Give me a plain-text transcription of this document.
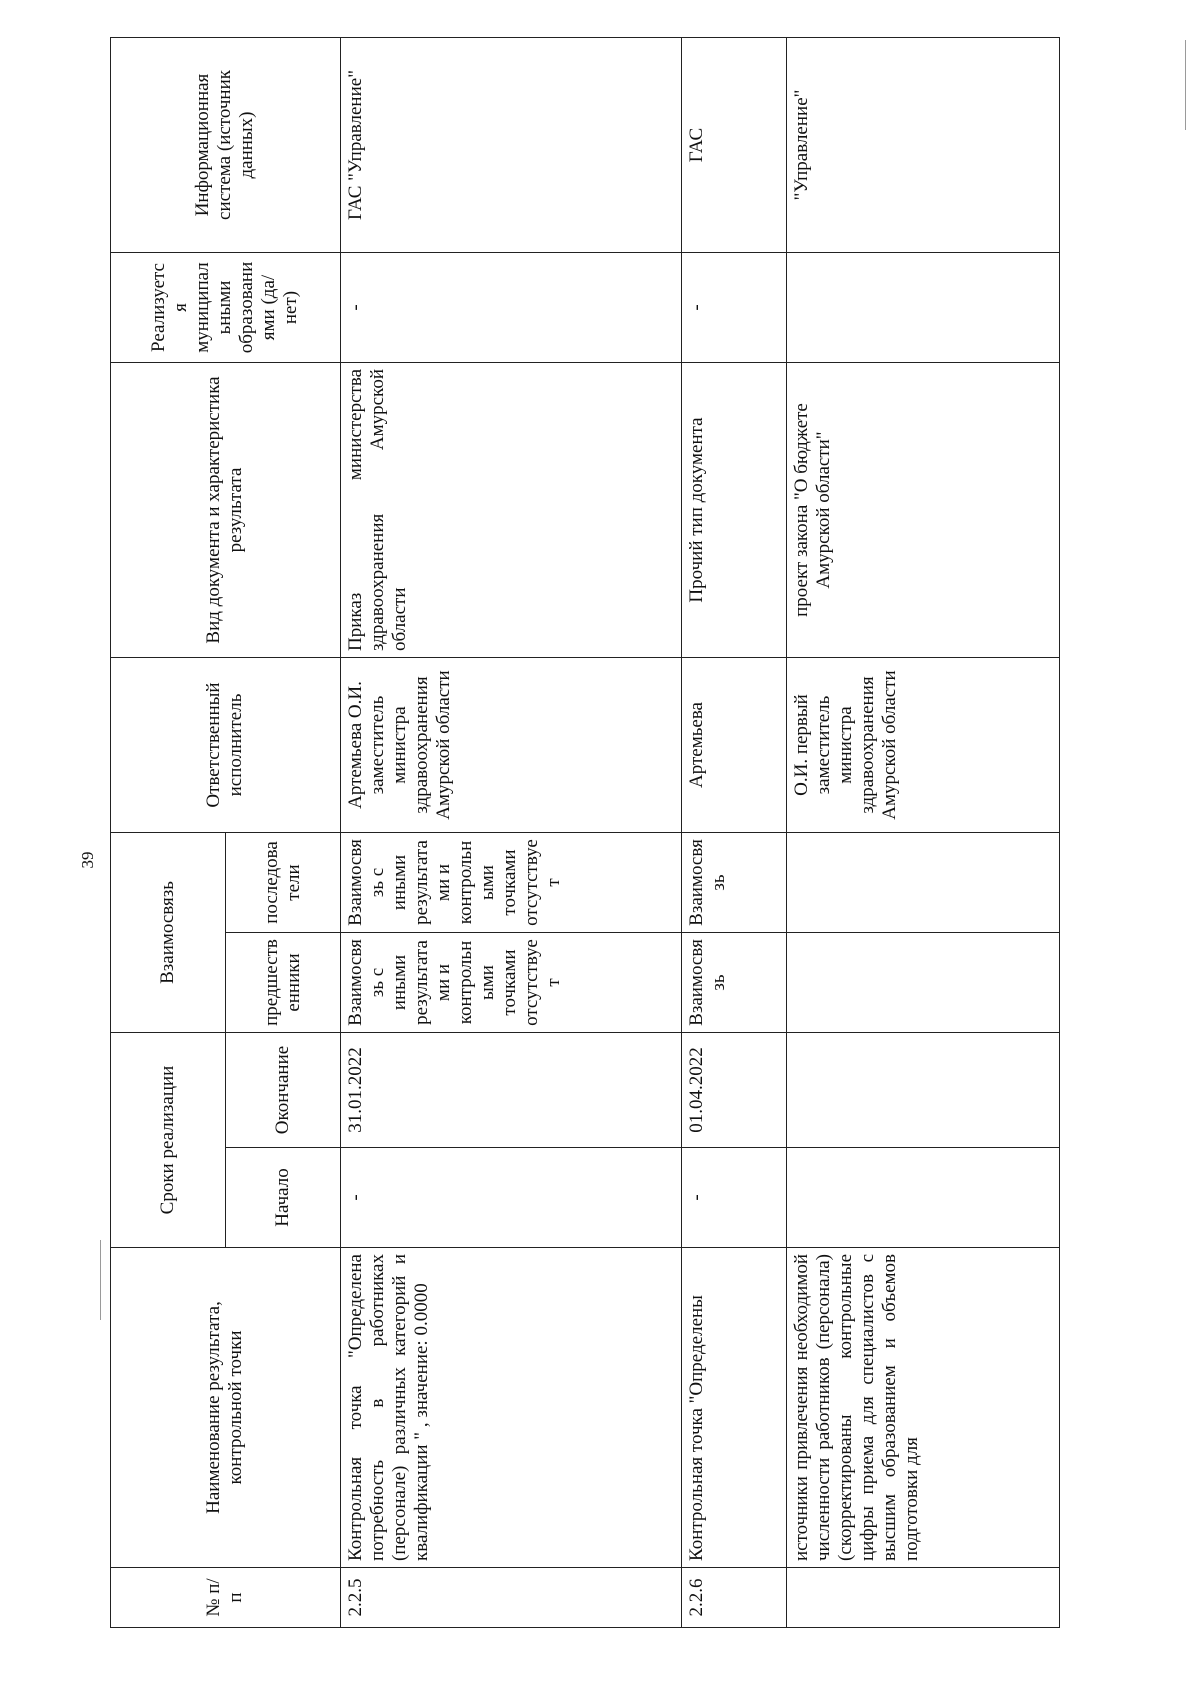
39
№ п/п	Наименование результата, контрольной точки	Сроки реализации		Взаимосвязь		Ответственный исполнитель	Вид документа и характеристика результата	Реализуется муниципальными образованиями (да/нет)	Информационная система (источник данных)
		Начало	Окончание	предшественники	последователи				
2.2.5	Контрольная точка "Определена потребность в работниках (персонале) различных категорий и квалификации " , значение: 0.0000	-	31.01.2022	Взаимосвязь с иными результатами и контрольными точками отсутствует	Взаимосвязь с иными результатами и контрольными точками отсутствует	Артемьева О.И. заместитель министра здравоохранения Амурской области	Приказ министерства здравоохранения Амурской области	-	ГАС "Управление"
2.2.6	Контрольная точка "Определены	-	01.04.2022	Взаимосвязь	Взаимосвязь	Артемьева	Прочий тип документа	-	ГАС
	источники привлечения необходимой численности работников (персонала) (скорректированы контрольные цифры приема для специалистов с высшим образованием и объемов подготовки для					О.И. первый заместитель министра здравоохранения Амурской области	проект закона "О бюджете Амурской области"		"Управление"
